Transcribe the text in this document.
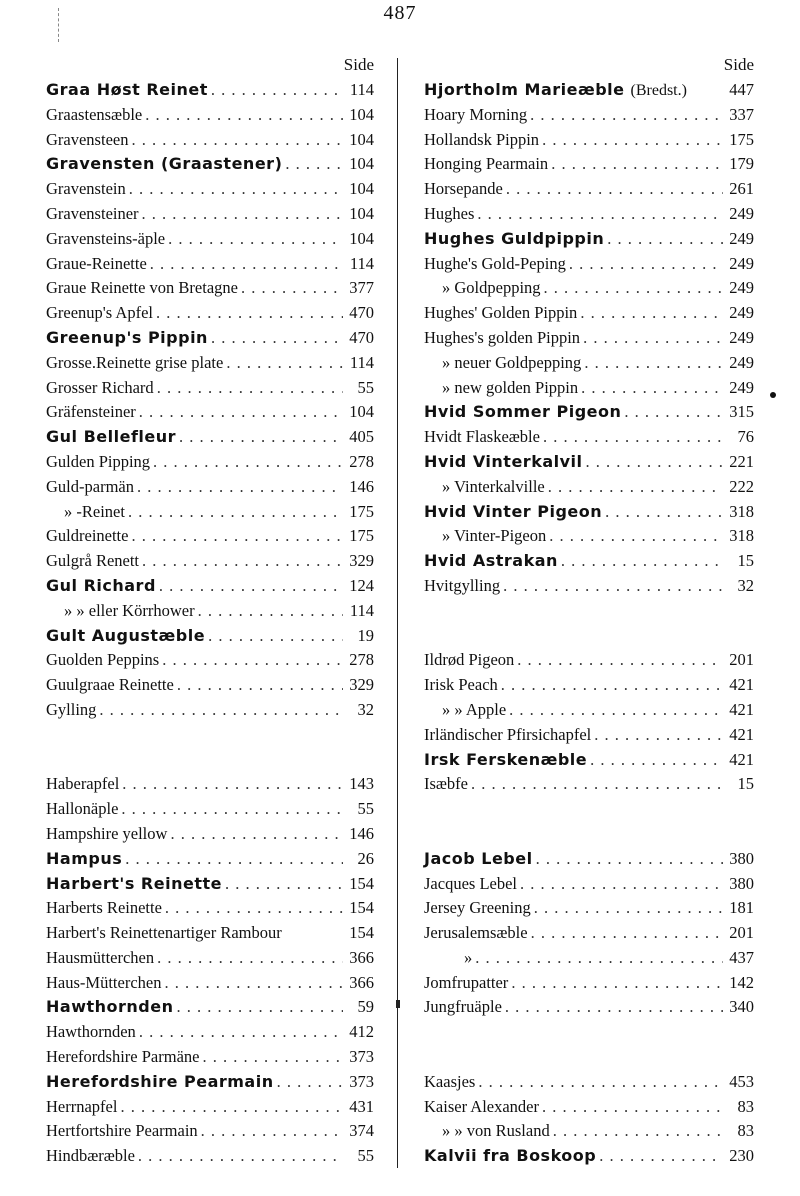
487
Side
Graa Høst Reinet . . .	114
Graastensæble . . .	104
Gravensteen . . .	104
Gravensten (Graastener) . . .	104
Gravenstein . . .	104
Gravensteiner . . .	104
Gravensteins-äple . . .	104
Graue-Reinette . . .	114
Graue Reinette von Bretagne . . .	377
Greenup's Apfel . . .	470
Greenup's Pippin . . .	470
Grosse.Reinette grise plate . . .	114
Grosser Richard . . .	55
Gräfensteiner . . .	104
Gul Bellefleur . . .	405
Gulden Pipping . . .	278
Guld-parmän . . .	146
» -Reinet . . .	175
Guldreinette . . .	175
Gulgrå Renett . . .	329
Gul Richard . . .	124
» » eller Körrhower . . .	114
Gult Augustæble . . .	19
Guolden Peppins . . .	278
Guulgraae Reinette . . .	329
Gylling . . .	32
Haberapfel . . .	143
Hallonäple . . .	55
Hampshire yellow . . .	146
Hampus . . .	26
Harbert's Reinette . . .	154
Harberts Reinette . . .	154
Harbert's Reinettenartiger Rambour	154
Hausmütterchen . . .	366
Haus-Mütterchen . . .	366
Hawthornden . . .	59
Hawthornden . . .	412
Herefordshire Parmäne . . .	373
Herefordshire Pearmain . . .	373
Herrnapfel . . .	431
Hertfortshire Pearmain . . .	374
Hindbæræble . . .	55
Side
Hjortholm Marieæble (Bredst.)	447
Hoary Morning . . .	337
Hollandsk Pippin . . .	175
Honging Pearmain . . .	179
Horsepande . . .	261
Hughes . . .	249
Hughes Guldpippin . . .	249
Hughe's Gold-Peping . . .	249
» Goldpepping . . .	249
Hughes' Golden Pippin . . .	249
Hughes's golden Pippin . . .	249
» neuer Goldpepping . . .	249
» new golden Pippin . . .	249
Hvid Sommer Pigeon . . .	315
Hvidt Flaskeæble . . .	76
Hvid Vinterkalvil . . .	221
» Vinterkalville . . .	222
Hvid Vinter Pigeon . . .	318
» Vinter-Pigeon . . .	318
Hvid Astrakan . . .	15
Hvitgylling . . .	32
Ildrød Pigeon . . .	201
Irisk Peach . . .	421
» » Apple . . .	421
Irländischer Pfirsichapfel . . .	421
Irsk Ferskenæble . . .	421
Isæbfe . . .	15
Jacob Lebel . . .	380
Jacques Lebel . . .	380
Jersey Greening . . .	181
Jerusalemsæble . . .	201
» . . .	437
Jomfrupatter . . .	142
Jungfruäple . . .	340
Kaasjes . . .	453
Kaiser Alexander . . .	83
» » von Rusland . . .	83
Kalvii fra Boskoop . . .	230
